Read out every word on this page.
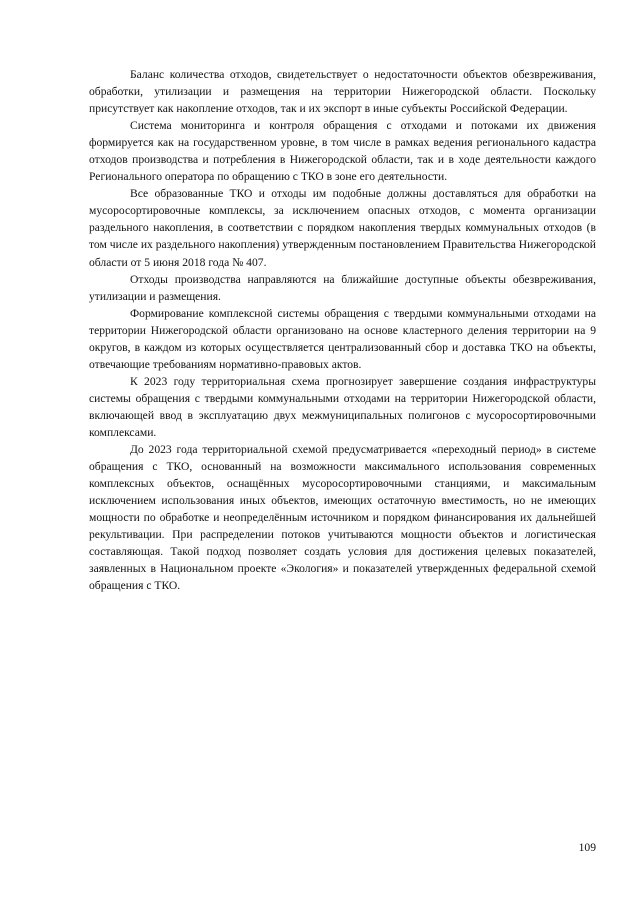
Баланс количества отходов, свидетельствует о недостаточности объектов обезвреживания, обработки, утилизации и размещения на территории Нижегородской области. Поскольку присутствует как накопление отходов, так и их экспорт в иные субъекты Российской Федерации.

Система мониторинга и контроля обращения с отходами и потоками их движения формируется как на государственном уровне, в том числе в рамках ведения регионального кадастра отходов производства и потребления в Нижегородской области, так и в ходе деятельности каждого Регионального оператора по обращению с ТКО в зоне его деятельности.

Все образованные ТКО и отходы им подобные должны доставляться для обработки на мусоросортировочные комплексы, за исключением опасных отходов, с момента организации раздельного накопления, в соответствии с порядком накопления твердых коммунальных отходов (в том числе их раздельного накопления) утвержденным постановлением Правительства Нижегородской области от 5 июня 2018 года № 407.

Отходы производства направляются на ближайшие доступные объекты обезвреживания, утилизации и размещения.

Формирование комплексной системы обращения с твердыми коммунальными отходами на территории Нижегородской области организовано на основе кластерного деления территории на 9 округов, в каждом из которых осуществляется централизованный сбор и доставка ТКО на объекты, отвечающие требованиям нормативно-правовых актов.

К 2023 году территориальная схема прогнозирует завершение создания инфраструктуры системы обращения с твердыми коммунальными отходами на территории Нижегородской области, включающей ввод в эксплуатацию двух межмуниципальных полигонов с мусоросортировочными комплексами.

До 2023 года территориальной схемой предусматривается «переходный период» в системе обращения с ТКО, основанный на возможности максимального использования современных комплексных объектов, оснащённых мусоросортировочными станциями, и максимальным исключением использования иных объектов, имеющих остаточную вместимость, но не имеющих мощности по обработке и неопределённым источником и порядком финансирования их дальнейшей рекультивации. При распределении потоков учитываются мощности объектов и логистическая составляющая. Такой подход позволяет создать условия для достижения целевых показателей, заявленных в Национальном проекте «Экология» и показателей утвержденных федеральной схемой обращения с ТКО.

109
